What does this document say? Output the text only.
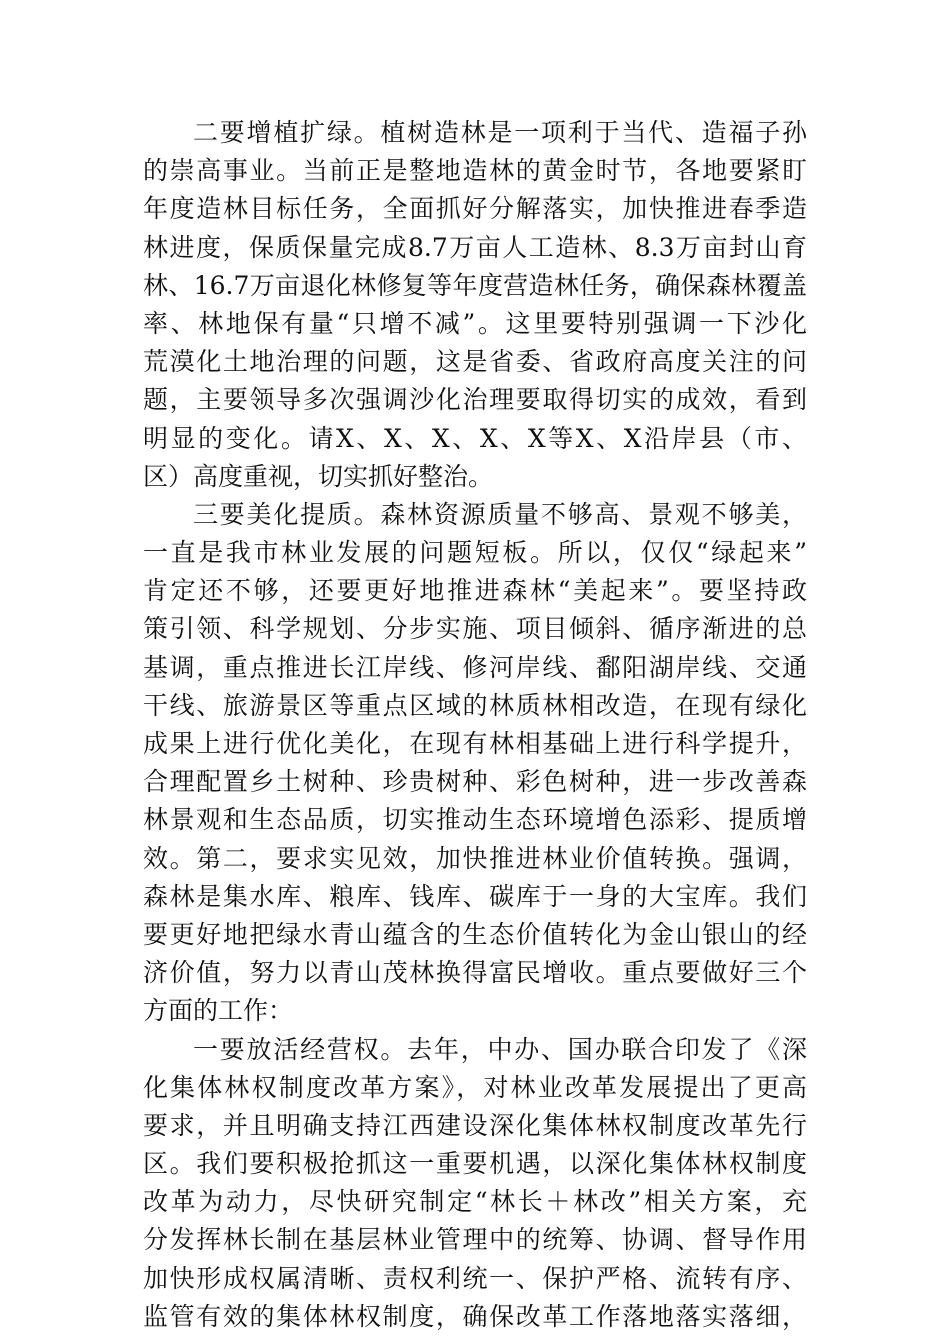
二要增植扩绿。植树造林是一项利于当代、造福子孙
的崇高事业。当前正是整地造林的黄金时节，各地要紧盯
年度造林目标任务，全面抓好分解落实，加快推进春季造
林进度，保质保量完成8.7万亩人工造林、8.3万亩封山育
林、16.7万亩退化林修复等年度营造林任务，确保森林覆盖
率、林地保有量“只增不减”。这里要特别强调一下沙化
荒漠化土地治理的问题，这是省委、省政府高度关注的问
题，主要领导多次强调沙化治理要取得切实的成效，看到
明显的变化。请X、X、X、X、X等X、X沿岸县（市、
区）高度重视，切实抓好整治。
三要美化提质。森林资源质量不够高、景观不够美，
一直是我市林业发展的问题短板。所以，仅仅“绿起来”
肯定还不够，还要更好地推进森林“美起来”。要坚持政
策引领、科学规划、分步实施、项目倾斜、循序渐进的总
基调，重点推进长江岸线、修河岸线、鄱阳湖岸线、交通
干线、旅游景区等重点区域的林质林相改造，在现有绿化
成果上进行优化美化，在现有林相基础上进行科学提升，
合理配置乡土树种、珍贵树种、彩色树种，进一步改善森
林景观和生态品质，切实推动生态环境增色添彩、提质增
效。第二，要求实见效，加快推进林业价值转换。强调，
森林是集水库、粮库、钱库、碳库于一身的大宝库。我们
要更好地把绿水青山蕴含的生态价值转化为金山银山的经
济价值，努力以青山茂林换得富民增收。重点要做好三个
方面的工作：
一要放活经营权。去年，中办、国办联合印发了《深
化集体林权制度改革方案》，对林业改革发展提出了更高
要求，并且明确支持江西建设深化集体林权制度改革先行
区。我们要积极抢抓这一重要机遇，以深化集体林权制度
改革为动力，尽快研究制定“林长＋林改”相关方案，充
分发挥林长制在基层林业管理中的统筹、协调、督导作用
加快形成权属清晰、责权利统一、保护严格、流转有序、
监管有效的集体林权制度，确保改革工作落地落实落细，
